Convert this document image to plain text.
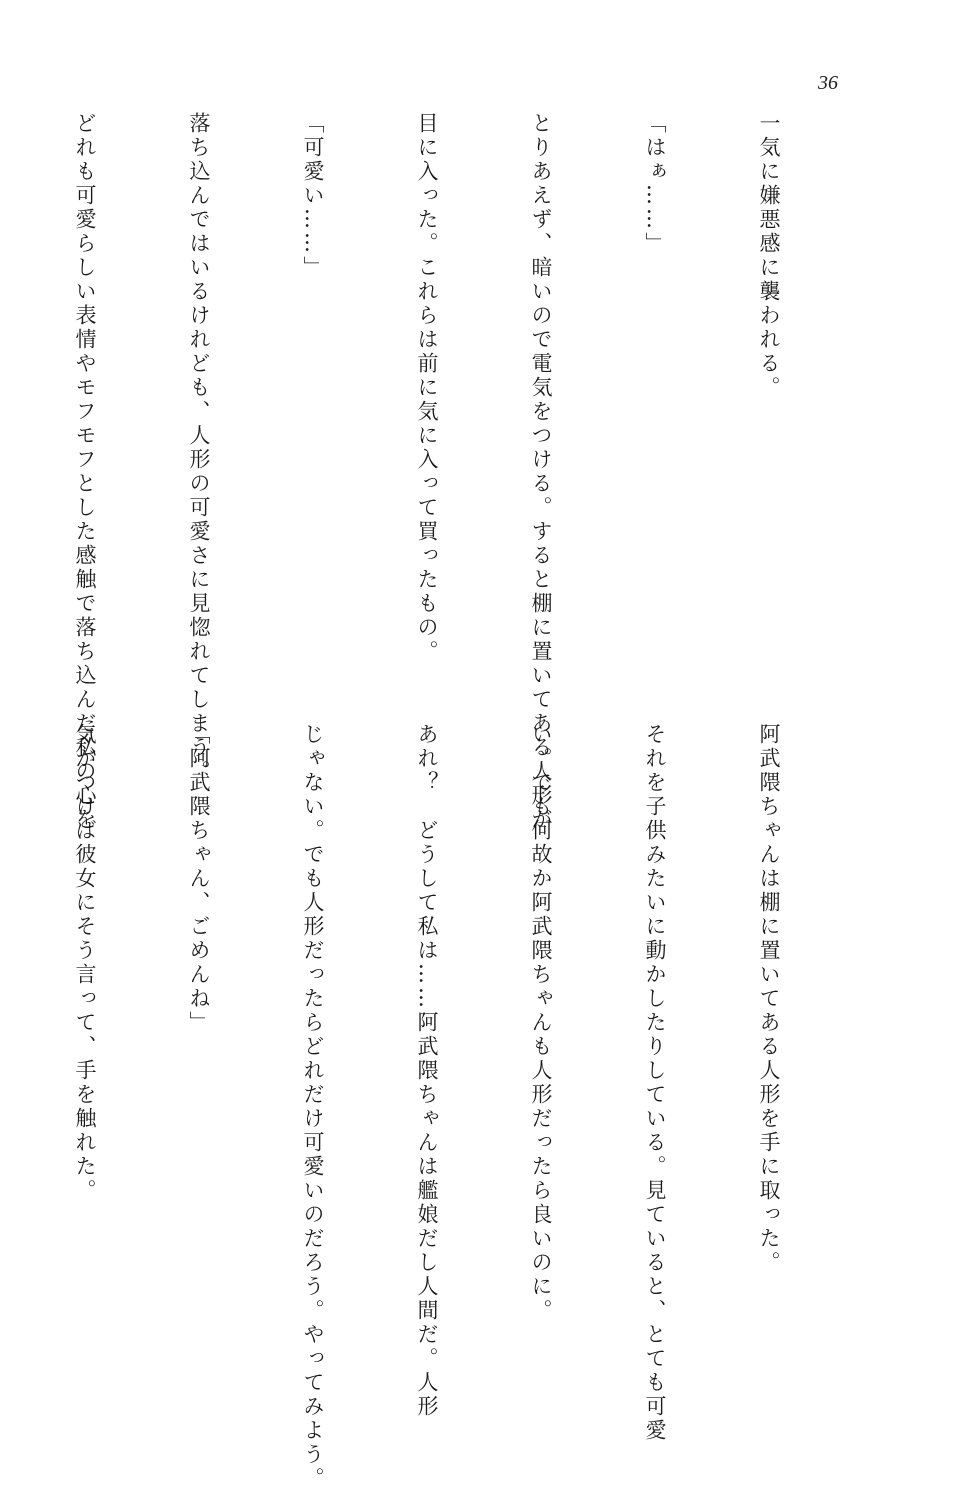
36

一気に嫌悪感に襲われる。

「はぁ……」

とりあえず、暗いので電気をつける。すると棚に置いてある人形が

目に入った。これらは前に気に入って買ったもの。

「可愛い……」

落ち込んではいるけれども、人形の可愛さに見惚れてしまう。

どれも可愛らしい表情やモフモフとした感触で落ち込んだ私の心を

阿武隈ちゃんは棚に置いてある人形を手に取った。

それを子供みたいに動かしたりしている。見ていると、とても可愛

い。でも何故か阿武隈ちゃんも人形だったら良いのに。

あれ？　どうして私は……阿武隈ちゃんは艦娘だし人間だ。人形

じゃない。でも人形だったらどれだけ可愛いのだろう。やってみよう。

「阿武隈ちゃん、ごめんね」

気がつけば彼女にそう言って、手を触れた。
